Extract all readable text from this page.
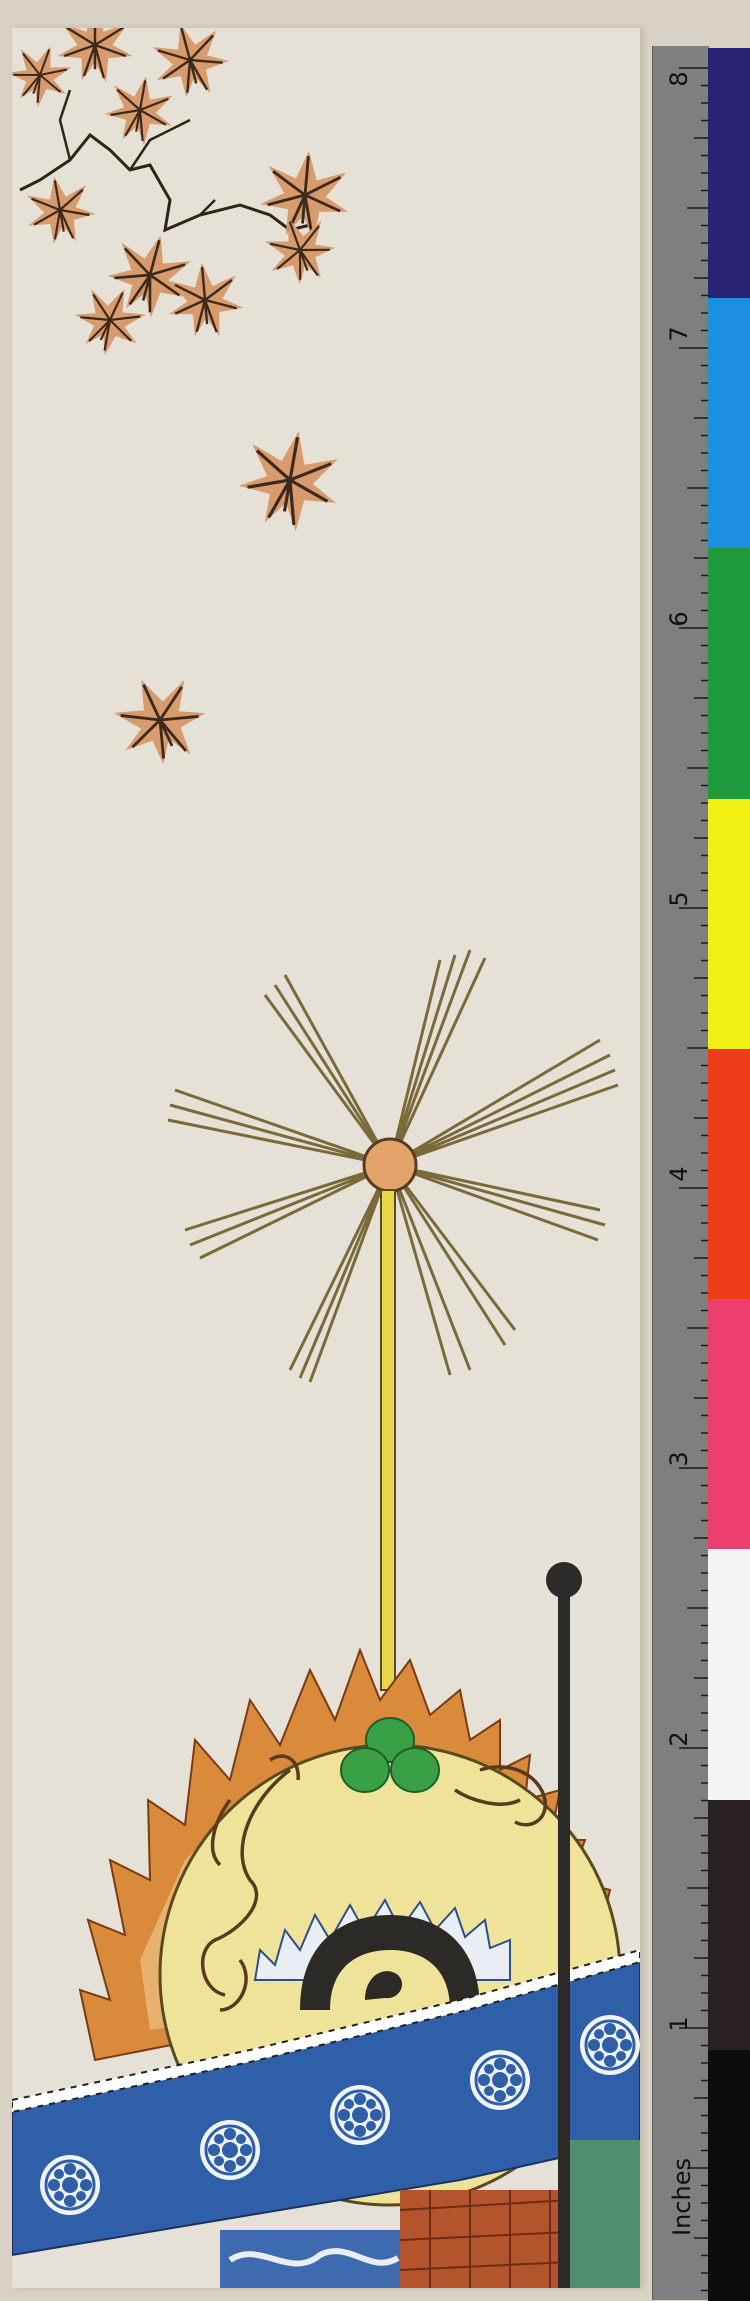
8
7
6
5
4
3
2
1
Inches
